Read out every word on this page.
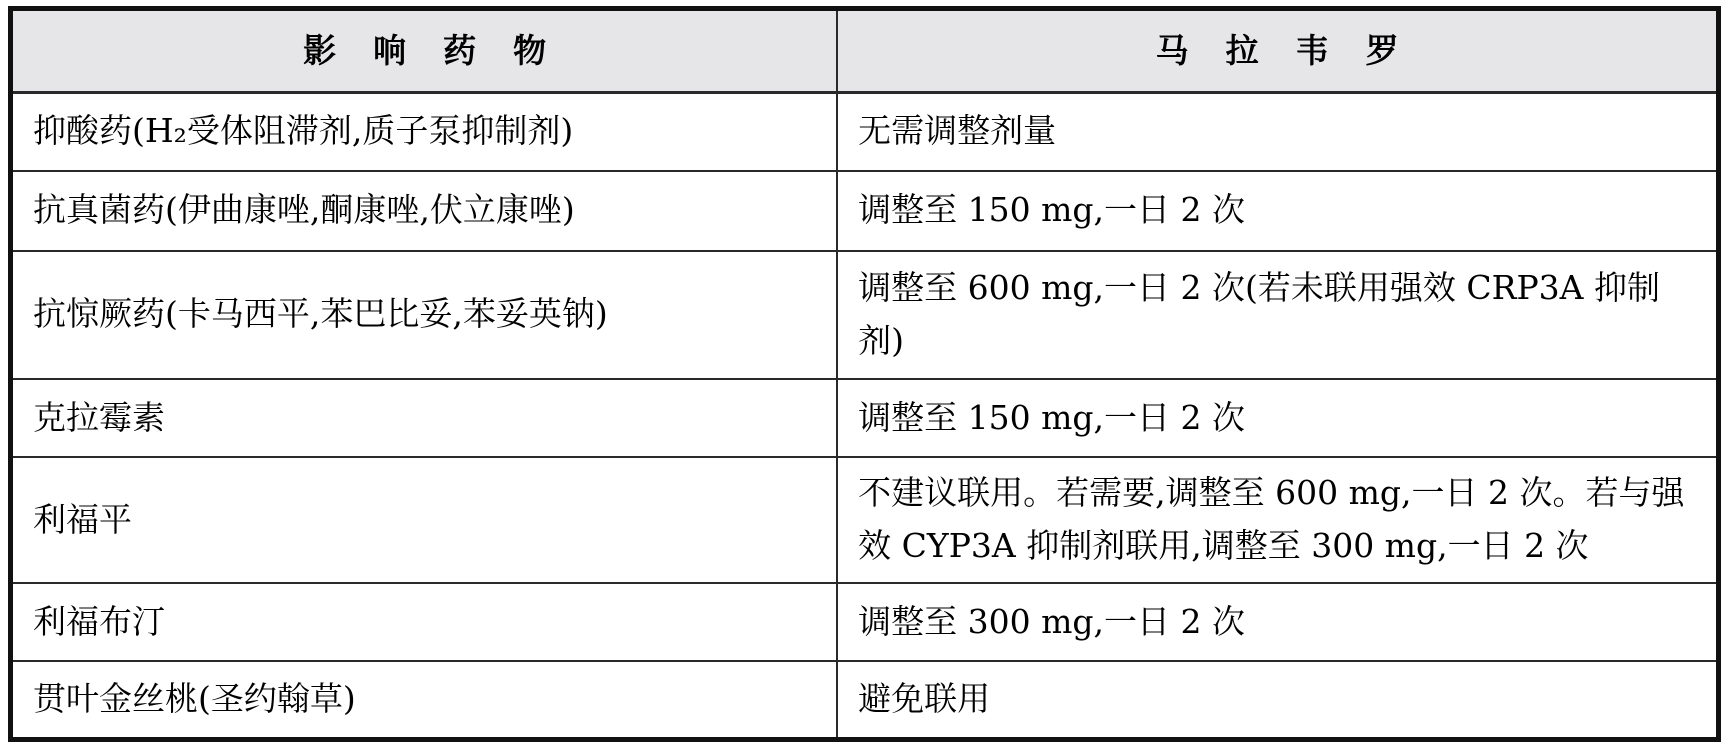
影　响　药　物	马　拉　韦　罗
抑酸药(H₂受体阻滞剂,质子泵抑制剂)	无需调整剂量
抗真菌药(伊曲康唑,酮康唑,伏立康唑)	调整至 150 mg,一日 2 次
抗惊厥药(卡马西平,苯巴比妥,苯妥英钠)	调整至 600 mg,一日 2 次(若未联用强效 CRP3A 抑制剂)
克拉霉素	调整至 150 mg,一日 2 次
利福平	不建议联用。若需要,调整至 600 mg,一日 2 次。若与强效 CYP3A 抑制剂联用,调整至 300 mg,一日 2 次
利福布汀	调整至 300 mg,一日 2 次
贯叶金丝桃(圣约翰草)	避免联用
